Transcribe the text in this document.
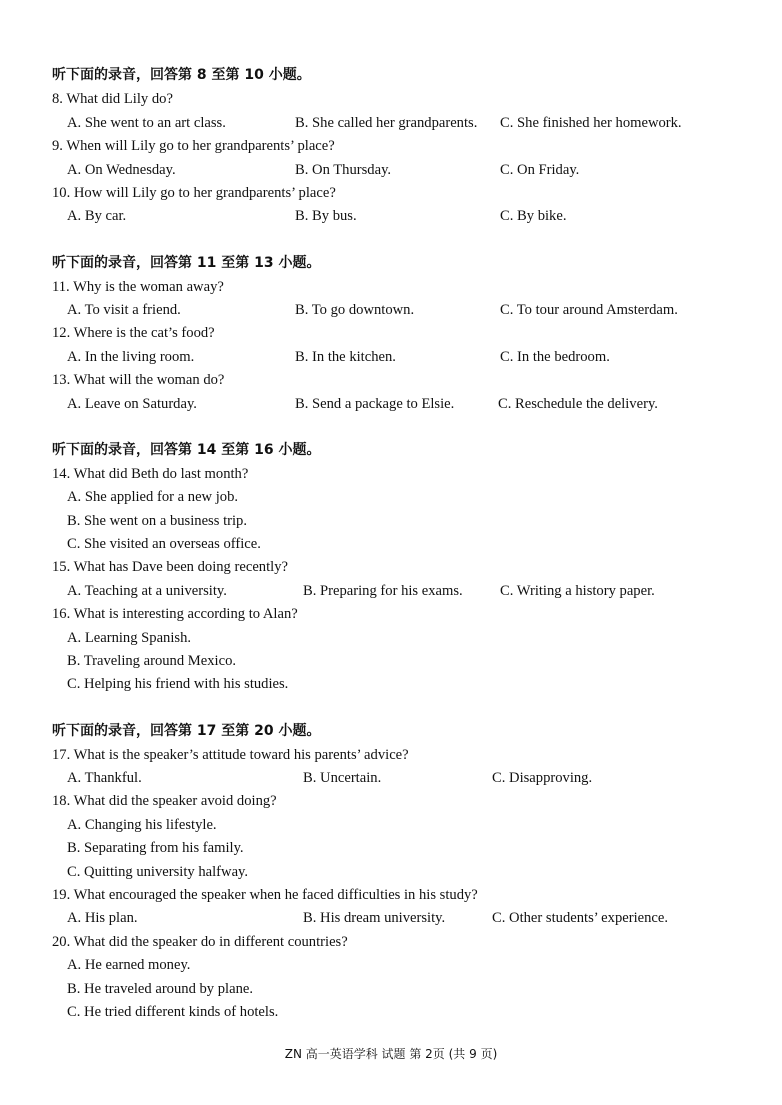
听下面的录音，回答第 8 至第 10 小题。
8. What did Lily do?
A. She went to an art class.	B. She called her grandparents. C. She finished her homework.
9. When will Lily go to her grandparents’ place?
A. On Wednesday.	B. On Thursday.	C. On Friday.
10. How will Lily go to her grandparents’ place?
A. By car.	B. By bus.	C. By bike.
听下面的录音，回答第 11 至第 13 小题。
11. Why is the woman away?
A. To visit a friend.	B. To go downtown.	C. To tour around Amsterdam.
12. Where is the cat’s food?
A. In the living room.	B. In the kitchen.	C. In the bedroom.
13. What will the woman do?
A. Leave on Saturday.	B. Send a package to Elsie.	C. Reschedule the delivery.
听下面的录音，回答第 14 至第 16 小题。
14. What did Beth do last month?
A. She applied for a new job.
B. She went on a business trip.
C. She visited an overseas office.
15. What has Dave been doing recently?
A. Teaching at a university.	B. Preparing for his exams.	C. Writing a history paper.
16. What is interesting according to Alan?
A. Learning Spanish.
B. Traveling around Mexico.
C. Helping his friend with his studies.
听下面的录音，回答第 17 至第 20 小题。
17. What is the speaker’s attitude toward his parents’ advice?
A. Thankful.	B. Uncertain.	C. Disapproving.
18. What did the speaker avoid doing?
A. Changing his lifestyle.
B. Separating from his family.
C. Quitting university halfway.
19. What encouraged the speaker when he faced difficulties in his study?
A. His plan.	B. His dream university.	C. Other students’ experience.
20. What did the speaker do in different countries?
A. He earned money.
B. He traveled around by plane.
C. He tried different kinds of hotels.
ZN 高一英语学科 试题 第 2页 (共 9 页)
